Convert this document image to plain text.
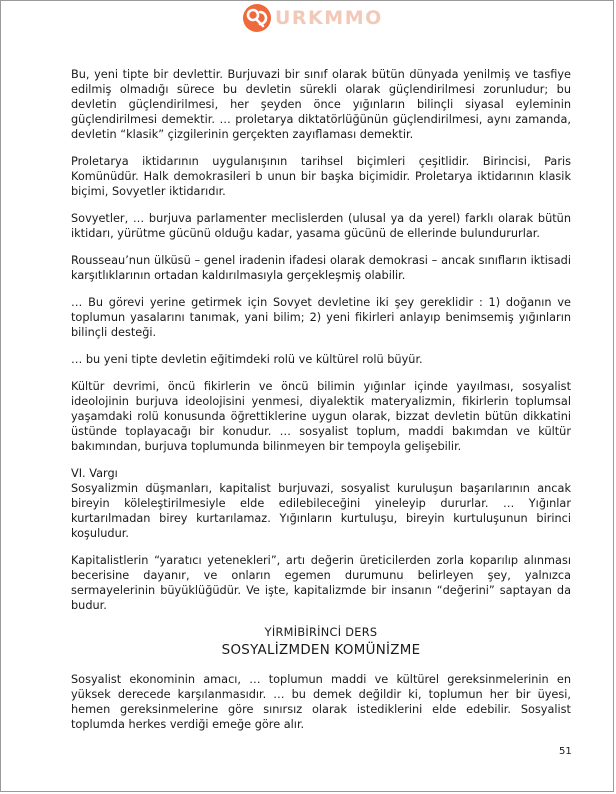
URKMMO

Bu, yeni tipte bir devlettir. Burjuvazi bir sınıf olarak bütün dünyada yenilmiş ve tasfiye edilmiş olmadığı sürece bu devletin sürekli olarak güçlendirilmesi zorunludur; bu devletin güçlendirilmesi, her şeyden önce yığınların bilinçli siyasal eyleminin güçlendirilmesi demektir. … proletarya diktatörlüğünün güçlendirilmesi, aynı zamanda, devletin “klasik” çizgilerinin gerçekten zayıflaması demektir.

Proletarya iktidarının uygulanışının tarihsel biçimleri çeşitlidir. Birincisi, Paris Komünüdür. Halk demokrasileri b unun bir başka biçimidir. Proletarya iktidarının klasik biçimi, Sovyetler iktidarıdır.

Sovyetler, … burjuva parlamenter meclislerden (ulusal ya da yerel) farklı olarak bütün iktidarı, yürütme gücünü olduğu kadar, yasama gücünü de ellerinde bulundururlar.

Rousseau’nun ülküsü – genel iradenin ifadesi olarak demokrasi – ancak sınıfların iktisadi karşıtlıklarının ortadan kaldırılmasıyla gerçekleşmiş olabilir.

… Bu görevi yerine getirmek için Sovyet devletine iki şey gereklidir : 1) doğanın ve toplumun yasalarını tanımak, yani bilim; 2) yeni fikirleri anlayıp benimsemiş yığınların bilinçli desteği.

… bu yeni tipte devletin eğitimdeki rolü ve kültürel rolü büyür.

Kültür devrimi, öncü fikirlerin ve öncü bilimin yığınlar içinde yayılması, sosyalist ideolojinin burjuva ideolojisini yenmesi, diyalektik materyalizmin, fikirlerin toplumsal yaşamdaki rolü konusunda öğrettiklerine uygun olarak, bizzat devletin bütün dikkatini üstünde toplayacağı bir konudur. … sosyalist toplum, maddi bakımdan ve kültür bakımından, burjuva toplumunda bilinmeyen bir tempoyla gelişebilir.

VI. Vargı

Sosyalizmin düşmanları, kapitalist burjuvazi, sosyalist kuruluşun başarılarının ancak bireyin köleleştirilmesiyle elde edilebileceğini yineleyip dururlar. … Yığınlar kurtarılmadan birey kurtarılamaz. Yığınların kurtuluşu, bireyin kurtuluşunun birinci koşuludur.

Kapitalistlerin “yaratıcı yetenekleri”, artı değerin üreticilerden zorla koparılıp alınması becerisine dayanır, ve onların egemen durumunu belirleyen şey, yalnızca sermayelerinin büyüklüğüdür. Ve işte, kapitalizmde bir insanın “değerini” saptayan da budur.

YİRMİBİRİNCİ DERS
SOSYALİZMDEN KOMÜNİZME

Sosyalist ekonominin amacı, … toplumun maddi ve kültürel gereksinmelerinin en yüksek derecede karşılanmasıdır. … bu demek değildir ki, toplumun her bir üyesi, hemen gereksinmelerine göre sınırsız olarak istediklerini elde edebilir. Sosyalist toplumda herkes verdiği emeğe göre alır.

51
